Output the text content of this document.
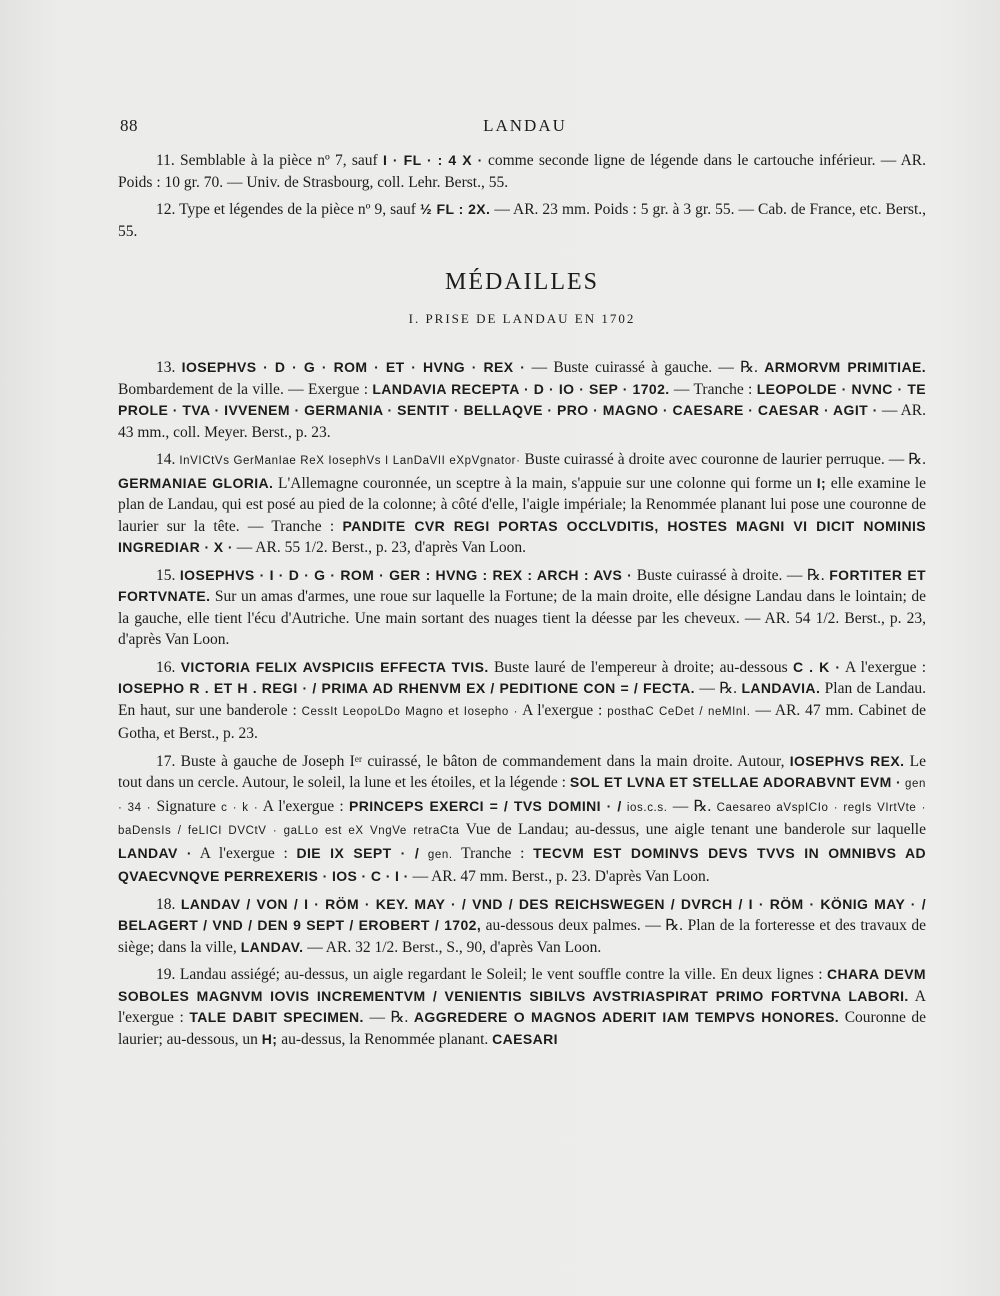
88	LANDAU

11. Semblable à la pièce nº 7, sauf I · FL · : 4 X · comme seconde ligne de légende dans le cartouche inférieur. — AR. Poids : 10 gr. 70. — Univ. de Strasbourg, coll. Lehr. Berst., 55.

12. Type et légendes de la pièce nº 9, sauf ½ FL : 2X. — AR. 23 mm. Poids : 5 gr. à 3 gr. 55. — Cab. de France, etc. Berst., 55.

MÉDAILLES

I. PRISE DE LANDAU EN 1702

13. IOSEPHVS · D · G · ROM · ET · HVNG · REX · — Buste cuirassé à gauche. — ℞. ARMORVM PRIMITIAE. Bombardement de la ville. — Exergue : LANDAVIA RECEPTA · D · IO · SEP · 1702. — Tranche : LEOPOLDE · NVNC · TE PROLE · TVA · IVVENEM · GERMANIA · SENTIT · BELLAQVE · PRO · MAGNO · CAESARE · CAESAR · AGIT · — AR. 43 mm., coll. Meyer. Berst., p. 23.

14. InVICtVs GerManIae ReX IosephVs I LanDaVII eXpVgnator· Buste cuirassé à droite avec couronne de laurier perruque. — ℞. GERMANIAE GLORIA. L'Allemagne couronnée, un sceptre à la main, s'appuie sur une colonne qui forme un I; elle examine le plan de Landau, qui est posé au pied de la colonne; à côté d'elle, l'aigle impériale; la Renommée planant lui pose une couronne de laurier sur la tête. — Tranche : PANDITE CVR REGI PORTAS OCCLVDITIS, HOSTES MAGNI VI DICIT NOMINIS INGREDIAR · X · — AR. 55 1/2. Berst., p. 23, d'après Van Loon.

15. IOSEPHVS · I · D · G · ROM · GER : HVNG : REX : ARCH : AVS · Buste cuirassé à droite. — ℞. FORTITER ET FORTVNATE. Sur un amas d'armes, une roue sur laquelle la Fortune; de la main droite, elle désigne Landau dans le lointain; de la gauche, elle tient l'écu d'Autriche. Une main sortant des nuages tient la déesse par les cheveux. — AR. 54 1/2. Berst., p. 23, d'après Van Loon.

16. VICTORIA FELIX AVSPICIIS EFFECTA TVIS. Buste lauré de l'empereur à droite; au-dessous C . K · A l'exergue : IOSEPHO R . ET H . REGI · / PRIMA AD RHENVM EX / PEDITIONE CON = / FECTA. — ℞. LANDAVIA. Plan de Landau. En haut, sur une banderole : CessIt LeopoLDo Magno et Iosepho · A l'exergue : posthaC CeDet / neMInI. — AR. 47 mm. Cabinet de Gotha, et Berst., p. 23.

17. Buste à gauche de Joseph Iᵉʳ cuirassé, le bâton de commandement dans la main droite. Autour, IOSEPHVS REX. Le tout dans un cercle. Autour, le soleil, la lune et les étoiles, et la légende : SOL ET LVNA ET STELLAE ADORABVNT EVM · gen · 34 · Signature c · k · A l'exergue : PRINCEPS EXERCI = / TVS DOMINI · / ios.c.s. — ℞. Caesareo aVspICIo · regIs VIrtVte · baDensIs / feLICI DVCtV · gaLLo est eX VngVe retraCta Vue de Landau; au-dessus, une aigle tenant une banderole sur laquelle LANDAV · A l'exergue : DIE IX SEPT · / gen. Tranche : TECVM EST DOMINVS DEVS TVVS IN OMNIBVS AD QVAECVNQVE PERREXERIS · IOS · C · I · — AR. 47 mm. Berst., p. 23. D'après Van Loon.

18. LANDAV / VON / I · RÖM · KEY. MAY · / VND / DES REICHSWEGEN / DVRCH / I · RÖM · KÖNIG MAY · / BELAGERT / VND / DEN 9 SEPT / EROBERT / 1702, au-dessous deux palmes. — ℞. Plan de la forteresse et des travaux de siège; dans la ville, LANDAV. — AR. 32 1/2. Berst., S., 90, d'après Van Loon.

19. Landau assiégé; au-dessus, un aigle regardant le Soleil; le vent souffle contre la ville. En deux lignes : CHARA DEVM SOBOLES MAGNVM IOVIS INCREMENTVM / VENIENTIS SIBILVS AVSTRIASPIRAT PRIMO FORTVNA LABORI. A l'exergue : TALE DABIT SPECIMEN. — ℞. AGGREDERE O MAGNOS ADERIT IAM TEMPVS HONORES. Couronne de laurier; au-dessous, un H; au-dessus, la Renommée planant. CAESARI
